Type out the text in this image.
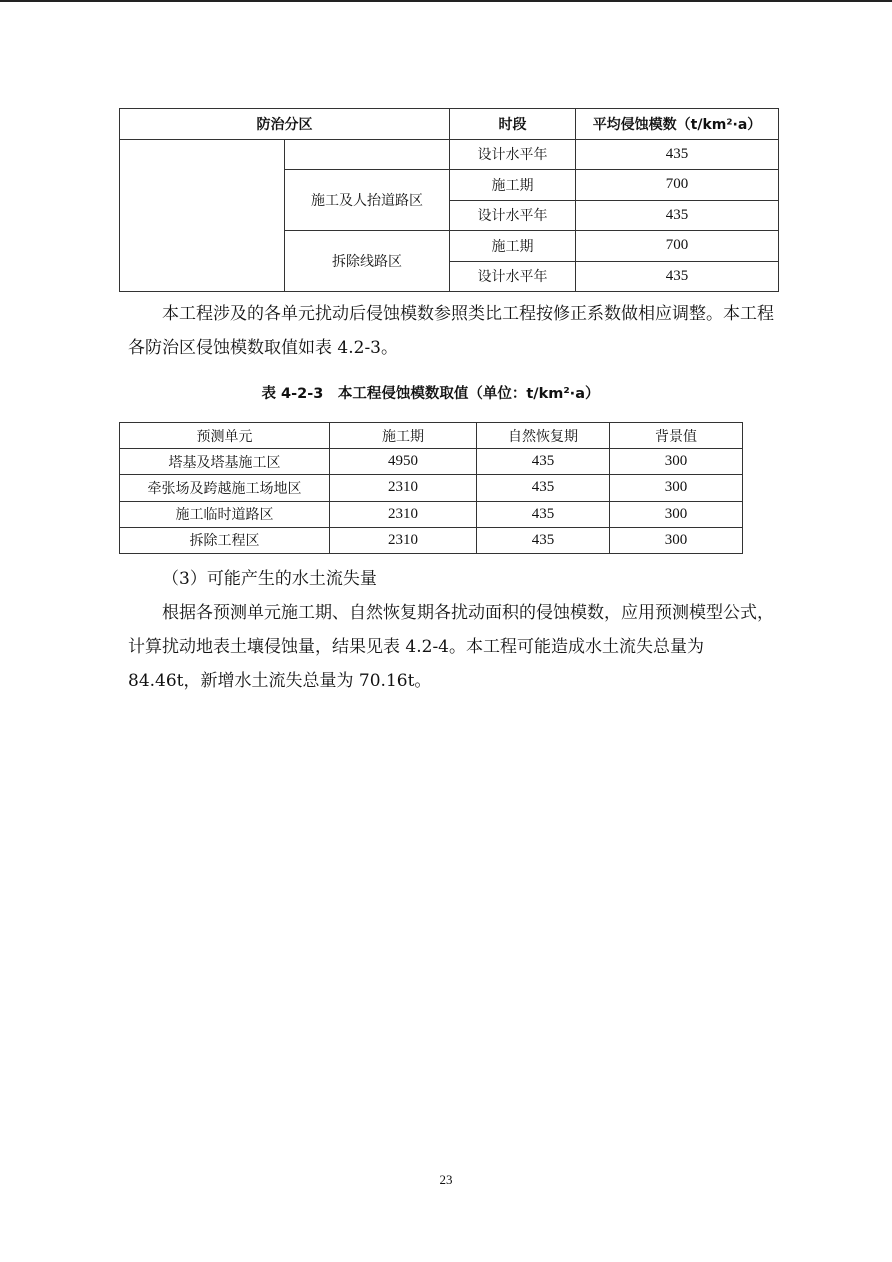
防治分区		时段	平均侵蚀模数（t/km²·a）
		设计水平年	435
	施工及人抬道路区	施工期	700
		设计水平年	435
	拆除线路区	施工期	700
		设计水平年	435
本工程涉及的各单元扰动后侵蚀模数参照类比工程按修正系数做相应调整。本工程各防治区侵蚀模数取值如表 4.2-3。
表 4-2-3　本工程侵蚀模数取值（单位：t/km²·a）
预测单元	施工期	自然恢复期	背景值
塔基及塔基施工区	4950	435	300
牵张场及跨越施工场地区	2310	435	300
施工临时道路区	2310	435	300
拆除工程区	2310	435	300
（3）可能产生的水土流失量
根据各预测单元施工期、自然恢复期各扰动面积的侵蚀模数，应用预测模型公式，计算扰动地表土壤侵蚀量，结果见表 4.2-4。本工程可能造成水土流失总量为 84.46t，新增水土流失总量为 70.16t。
23
